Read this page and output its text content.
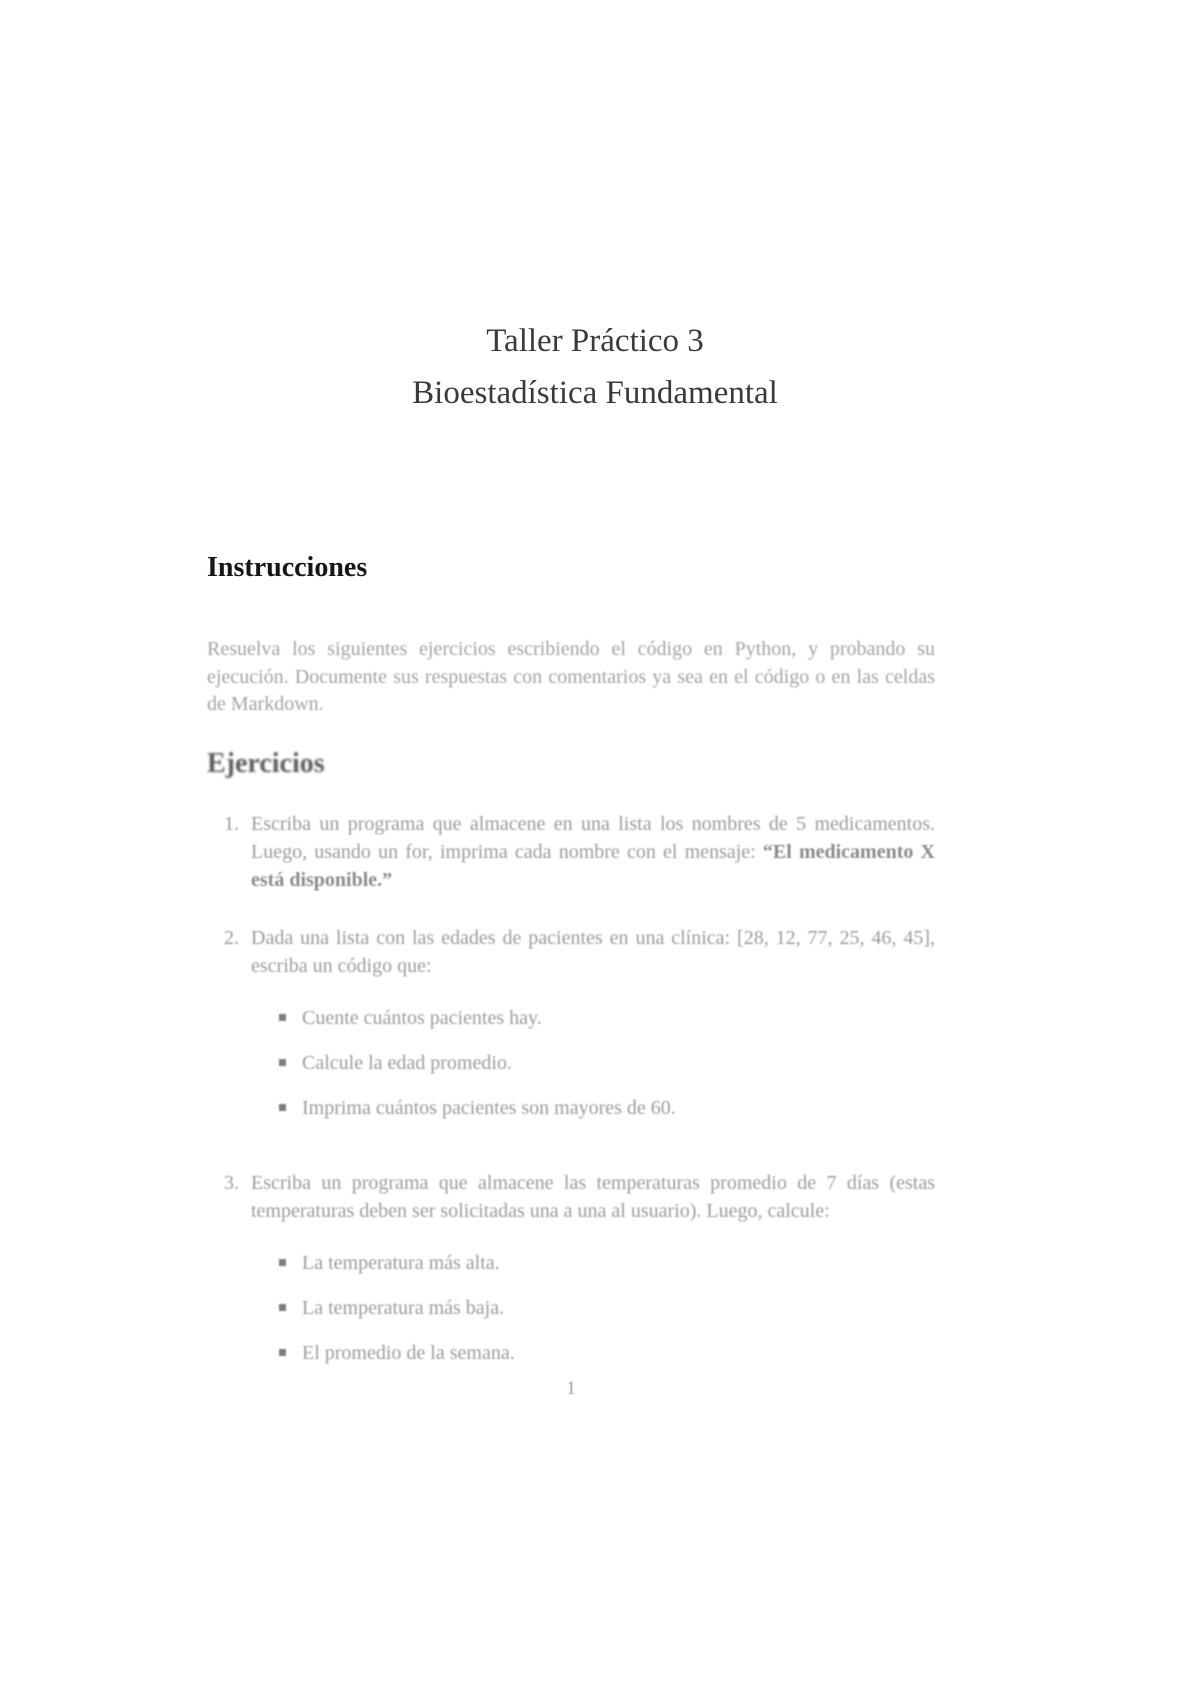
Taller Práctico 3
Bioestadística Fundamental
Instrucciones

Resuelva los siguientes ejercicios escribiendo el código en Python, y probando su ejecución. Documente sus respuestas con comentarios ya sea en el código o en las celdas de Markdown.

Ejercicios
1. Escriba un programa que almacene en una lista los nombres de 5 medicamentos. Luego, usando un for, imprima cada nombre con el mensaje: “El medicamento X está disponible.”
2. Dada una lista con las edades de pacientes en una clínica: [28, 12, 77, 25, 46, 45], escriba un código que:
Cuente cuántos pacientes hay.
Calcule la edad promedio.
Imprima cuántos pacientes son mayores de 60.
3. Escriba un programa que almacene las temperaturas promedio de 7 días (estas temperaturas deben ser solicitadas una a una al usuario). Luego, calcule:
La temperatura más alta.
La temperatura más baja.
El promedio de la semana.
1
